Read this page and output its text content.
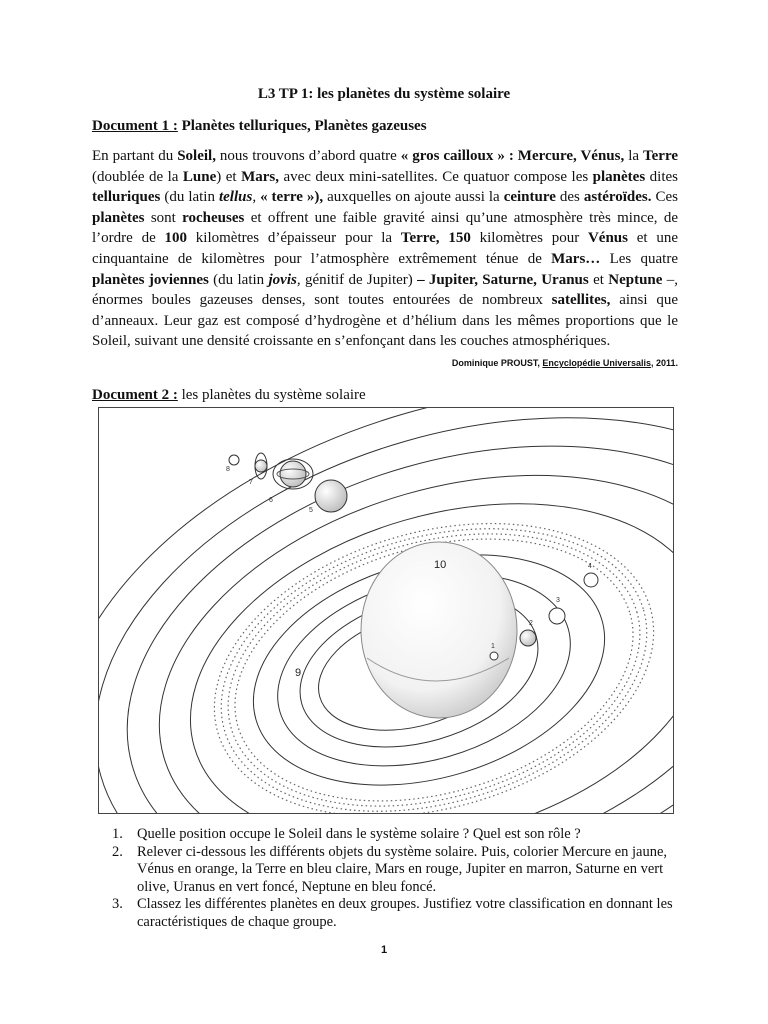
L3 TP 1: les planètes du système solaire
Document 1 : Planètes telluriques, Planètes gazeuses
En partant du Soleil, nous trouvons d’abord quatre « gros cailloux » : Mercure, Vénus, la Terre (doublée de la Lune) et Mars, avec deux mini-satellites. Ce quatuor compose les planètes dites telluriques (du latin tellus, « terre »), auxquelles on ajoute aussi la ceinture des astéroïdes. Ces planètes sont rocheuses et offrent une faible gravité ainsi qu’une atmosphère très mince, de l’ordre de 100 kilomètres d’épaisseur pour la Terre, 150 kilomètres pour Vénus et une cinquantaine de kilomètres pour l’atmosphère extrêmement ténue de Mars… Les quatre planètes joviennes (du latin jovis, génitif de Jupiter) – Jupiter, Saturne, Uranus et Neptune –, énormes boules gazeuses denses, sont toutes entourées de nombreux satellites, ainsi que d’anneaux. Leur gaz est composé d’hydrogène et d’hélium dans les mêmes proportions que le Soleil, suivant une densité croissante en s’enfonçant dans les couches atmosphériques.
Dominique PROUST, Encyclopédie Universalis, 2011.
Document 2 : les planètes du système solaire
1
2
3
4
5
6
7
8
9
10
1. Quelle position occupe le Soleil dans le système solaire ? Quel est son rôle ?
2. Relever ci-dessous les différents objets du système solaire. Puis, colorier Mercure en jaune, Vénus en orange, la Terre en bleu claire, Mars en rouge, Jupiter en marron, Saturne en vert olive, Uranus en vert foncé, Neptune en bleu foncé.
3. Classez les différentes planètes en deux groupes. Justifiez votre classification en donnant les caractéristiques de chaque groupe.
1
